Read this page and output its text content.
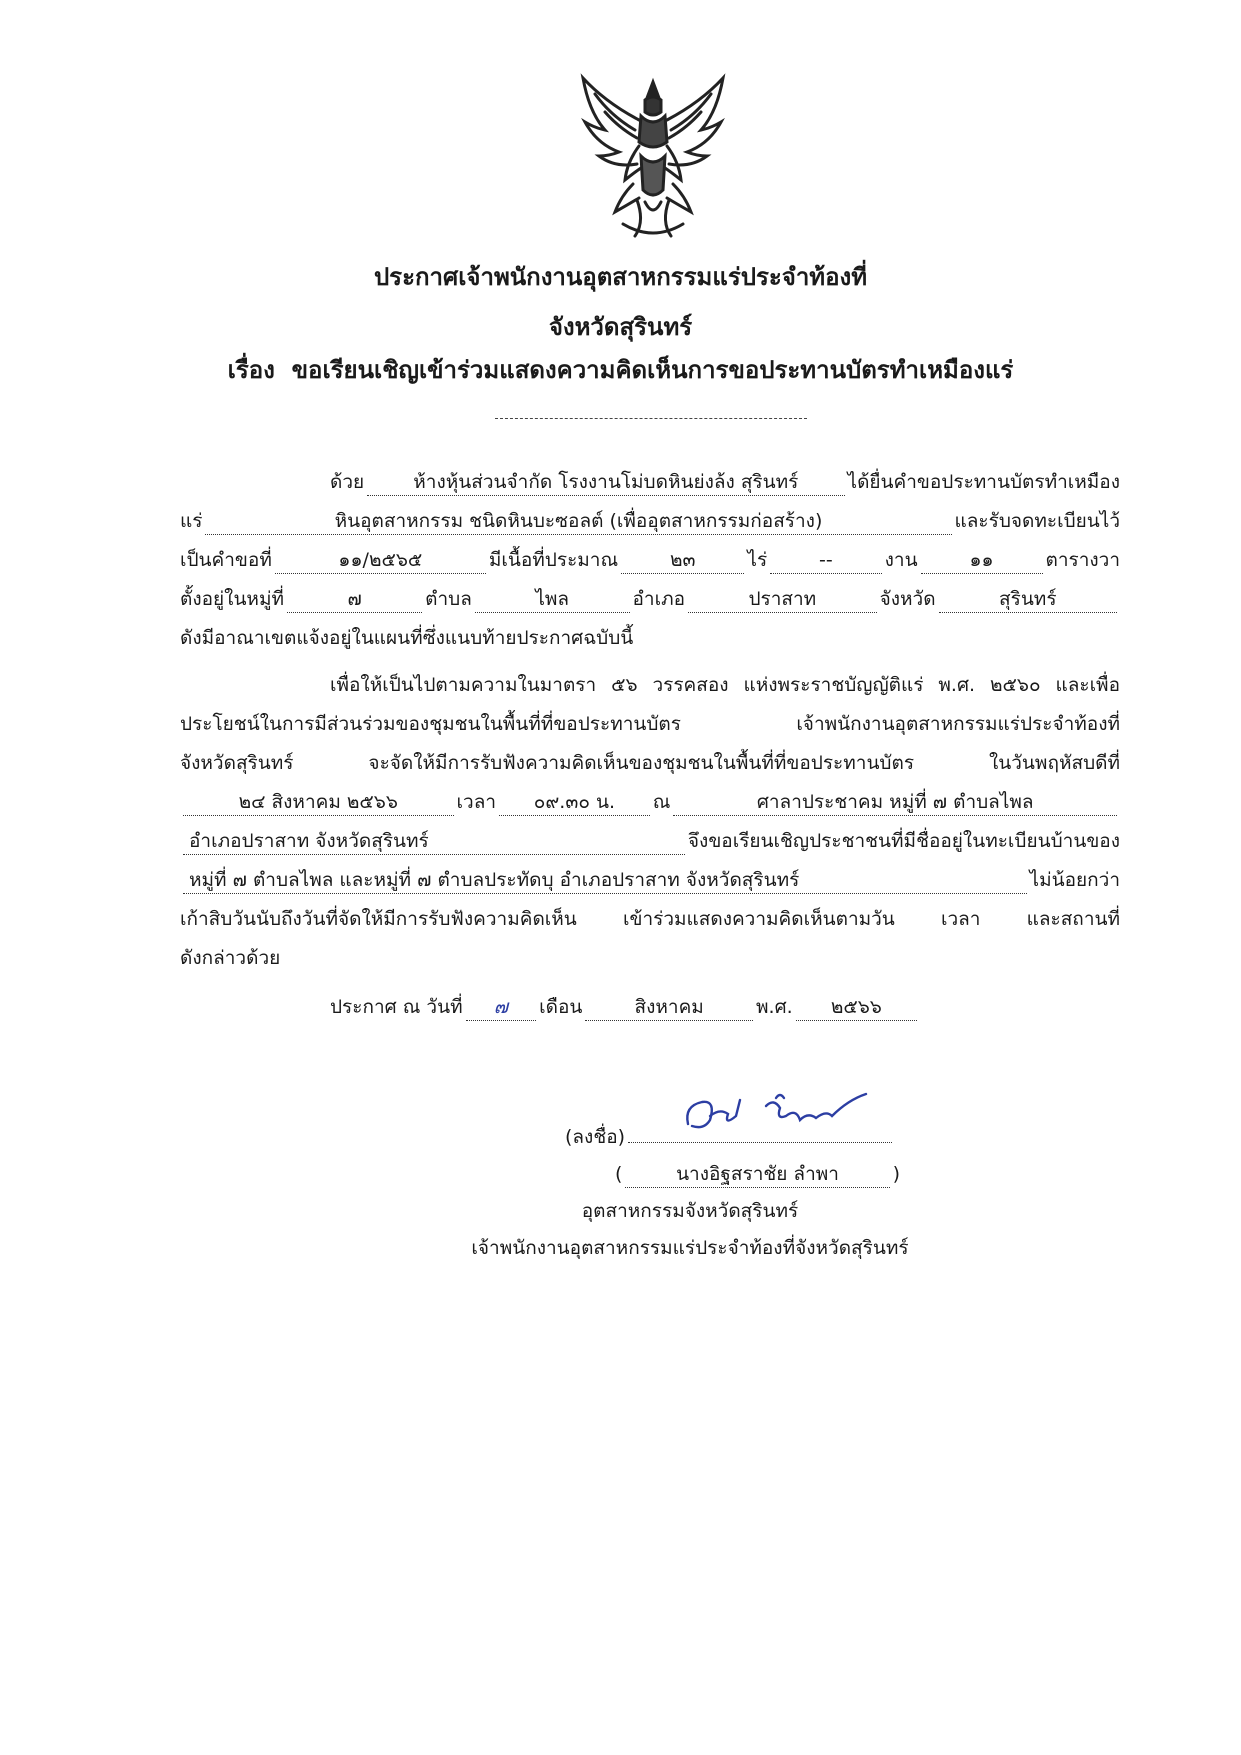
ประกาศเจ้าพนักงานอุตสาหกรรมแร่ประจำท้องที่
จังหวัดสุรินทร์
เรื่อง ขอเรียนเชิญเข้าร่วมแสดงความคิดเห็นการขอประทานบัตรทำเหมืองแร่
ด้วย	ห้างหุ้นส่วนจำกัด โรงงานโม่บดหินย่งล้ง สุรินทร์	ได้ยื่นคำขอประทานบัตรทำเหมือง
แร่	หินอุตสาหกรรม ชนิดหินบะซอลต์ (เพื่ออุตสาหกรรมก่อสร้าง)	และรับจดทะเบียนไว้
เป็นคำขอที่	๑๑/๒๕๖๕	มีเนื้อที่ประมาณ	๒๓	ไร่	--	งาน	๑๑	ตารางวา
ตั้งอยู่ในหมู่ที่	๗	ตำบล	ไพล	อำเภอ	ปราสาท	จังหวัด	สุรินทร์
ดังมีอาณาเขตแจ้งอยู่ในแผนที่ซึ่งแนบท้ายประกาศฉบับนี้
เพื่อให้เป็นไปตามความในมาตรา ๕๖ วรรคสอง แห่งพระราชบัญญัติแร่ พ.ศ. ๒๕๖๐ และเพื่อ
ประโยชน์ในการมีส่วนร่วมของชุมชนในพื้นที่ที่ขอประทานบัตร เจ้าพนักงานอุตสาหกรรมแร่ประจำท้องที่
จังหวัดสุรินทร์ จะจัดให้มีการรับฟังความคิดเห็นของชุมชนในพื้นที่ที่ขอประทานบัตร ในวันพฤหัสบดีที่
๒๔ สิงหาคม ๒๕๖๖	เวลา	๐๙.๓๐ น.	ณ	ศาลาประชาคม หมู่ที่ ๗ ตำบลไพล
อำเภอปราสาท จังหวัดสุรินทร์	จึงขอเรียนเชิญประชาชนที่มีชื่ออยู่ในทะเบียนบ้านของ
หมู่ที่ ๗ ตำบลไพล และหมู่ที่ ๗ ตำบลประทัดบุ อำเภอปราสาท จังหวัดสุรินทร์	ไม่น้อยกว่า
เก้าสิบวันนับถึงวันที่จัดให้มีการรับฟังความคิดเห็น เข้าร่วมแสดงความคิดเห็นตามวัน เวลา และสถานที่
ดังกล่าวด้วย
ประกาศ ณ วันที่	๗	เดือน	สิงหาคม	พ.ศ.	๒๕๖๖
(ลงชื่อ)
(	นางอิฐสราชัย ลำพา	)
อุตสาหกรรมจังหวัดสุรินทร์
เจ้าพนักงานอุตสาหกรรมแร่ประจำท้องที่จังหวัดสุรินทร์
